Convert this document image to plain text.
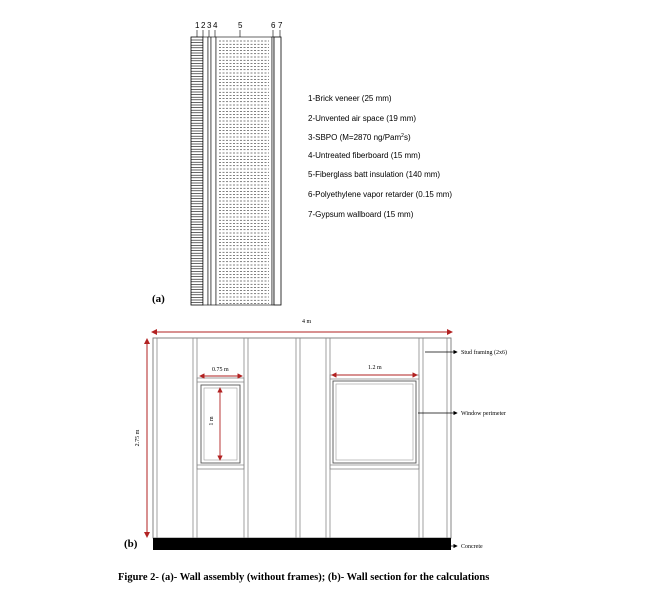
1 2 3 4	5	6 7
1-Brick veneer (25 mm)
2-Unvented air space (19 mm)
3-SBPO (M=2870 ng/Pam$^2$s)
4-Untreated fiberboard (15 mm)
5-Fiberglass batt insulation (140 mm)
6-Polyethylene vapor retarder (0.15 mm)
7-Gypsum wallboard (15 mm)
(a)
4 m
2.75 m
0.75 m
1 m
1.2 m
Stud framing (2x6)
Window perimeter
Concrete
(b)
Figure 2- (a)- Wall assembly (without frames); (b)- Wall section for the calculations
